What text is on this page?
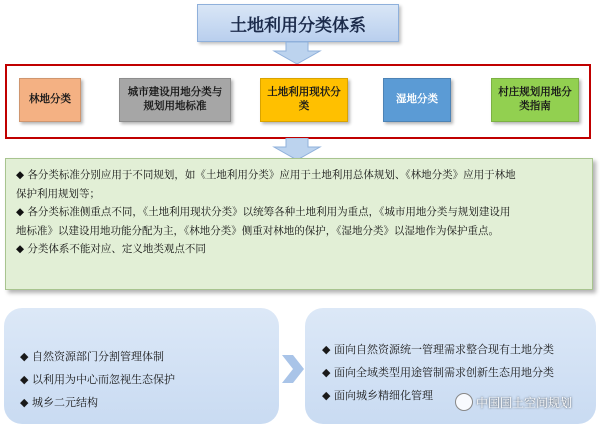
土地利用分类体系
林地分类
城市建设用地分类与规划用地标准
土地利用现状分类
湿地分类
村庄规划用地分类指南
◆ 各分类标准分别应用于不同规划，如《土地利用分类》应用于土地利用总体规划、《林地分类》应用于林地
保护利用规划等；
◆ 各分类标准侧重点不同，《土地利用现状分类》以统筹各种土地利用为重点，《城市用地分类与规划建设用
地标准》以建设用地功能分配为主，《林地分类》侧重对林地的保护，《湿地分类》以湿地作为保护重点。
◆ 分类体系不能对应、定义地类观点不同
◆ 自然资源部门分割管理体制
◆ 以利用为中心而忽视生态保护
◆ 城乡二元结构
◆ 面向自然资源统一管理需求整合现有土地分类
◆ 面向全域类型用途管制需求创新生态用地分类
◆ 面向城乡精细化管理	中国国土空间规划
